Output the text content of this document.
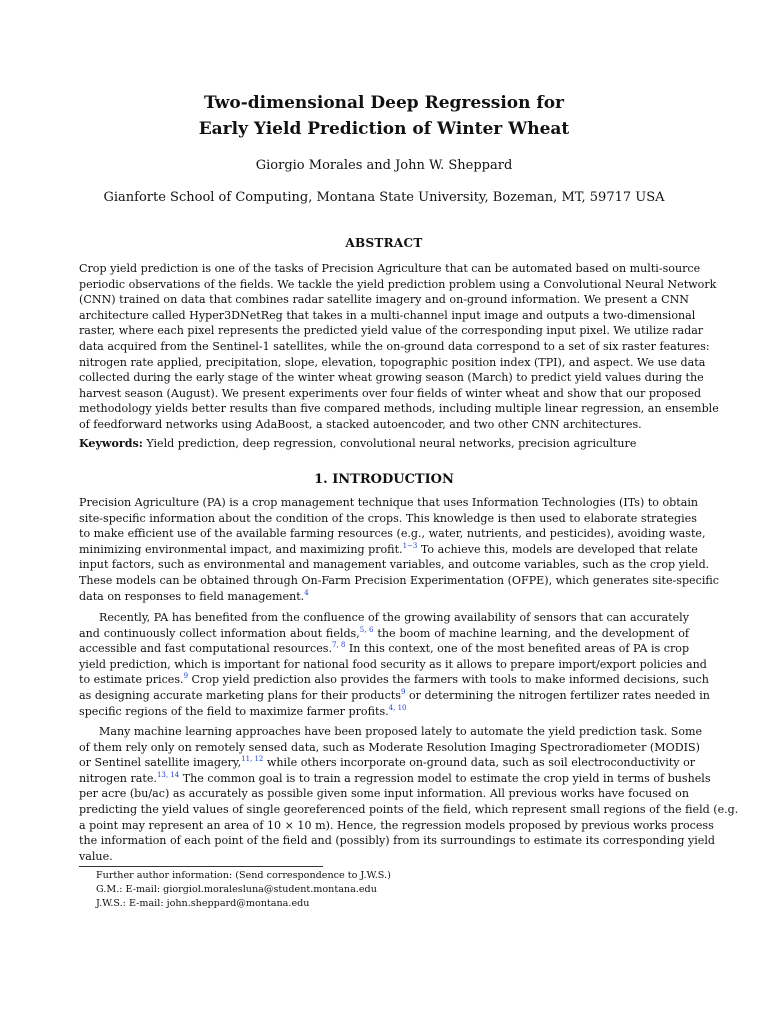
Two-dimensional Deep Regression for
Early Yield Prediction of Winter Wheat
Giorgio Morales and John W. Sheppard
Gianforte School of Computing, Montana State University, Bozeman, MT, 59717 USA
ABSTRACT
Crop yield prediction is one of the tasks of Precision Agriculture that can be automated based on multi-source
periodic observations of the fields. We tackle the yield prediction problem using a Convolutional Neural Network
(CNN) trained on data that combines radar satellite imagery and on-ground information. We present a CNN
architecture called Hyper3DNetReg that takes in a multi-channel input image and outputs a two-dimensional
raster, where each pixel represents the predicted yield value of the corresponding input pixel. We utilize radar
data acquired from the Sentinel-1 satellites, while the on-ground data correspond to a set of six raster features:
nitrogen rate applied, precipitation, slope, elevation, topographic position index (TPI), and aspect. We use data
collected during the early stage of the winter wheat growing season (March) to predict yield values during the
harvest season (August). We present experiments over four fields of winter wheat and show that our proposed
methodology yields better results than five compared methods, including multiple linear regression, an ensemble
of feedforward networks using AdaBoost, a stacked autoencoder, and two other CNN architectures.
Keywords: Yield prediction, deep regression, convolutional neural networks, precision agriculture
1. INTRODUCTION
Precision Agriculture (PA) is a crop management technique that uses Information Technologies (ITs) to obtain
site-specific information about the condition of the crops. This knowledge is then used to elaborate strategies
to make efficient use of the available farming resources (e.g., water, nutrients, and pesticides), avoiding waste,
minimizing environmental impact, and maximizing profit.$^{1-3}$ To achieve this, models are developed that relate
input factors, such as environmental and management variables, and outcome variables, such as the crop yield.
These models can be obtained through On-Farm Precision Experimentation (OFPE), which generates site-specific
data on responses to field management.$^4$
Recently, PA has benefited from the confluence of the growing availability of sensors that can accurately
and continuously collect information about fields,$^{5, 6}$ the boom of machine learning, and the development of
accessible and fast computational resources.$^{7, 8}$ In this context, one of the most benefited areas of PA is crop
yield prediction, which is important for national food security as it allows to prepare import/export policies and
to estimate prices.$^9$ Crop yield prediction also provides the farmers with tools to make informed decisions, such
as designing accurate marketing plans for their products$^9$ or determining the nitrogen fertilizer rates needed in
specific regions of the field to maximize farmer profits.$^{4, 10}$
Many machine learning approaches have been proposed lately to automate the yield prediction task. Some
of them rely only on remotely sensed data, such as Moderate Resolution Imaging Spectroradiometer (MODIS)
or Sentinel satellite imagery,$^{11, 12}$ while others incorporate on-ground data, such as soil electroconductivity or
nitrogen rate.$^{13, 14}$ The common goal is to train a regression model to estimate the crop yield in terms of bushels
per acre (bu/ac) as accurately as possible given some input information. All previous works have focused on
predicting the yield values of single georeferenced points of the field, which represent small regions of the field (e.g.
a point may represent an area of 10 × 10 m). Hence, the regression models proposed by previous works process
the information of each point of the field and (possibly) from its surroundings to estimate its corresponding yield
value.
Further author information: (Send correspondence to J.W.S.)
G.M.: E-mail: giorgiol.moralesluna@student.montana.edu
J.W.S.: E-mail: john.sheppard@montana.edu
